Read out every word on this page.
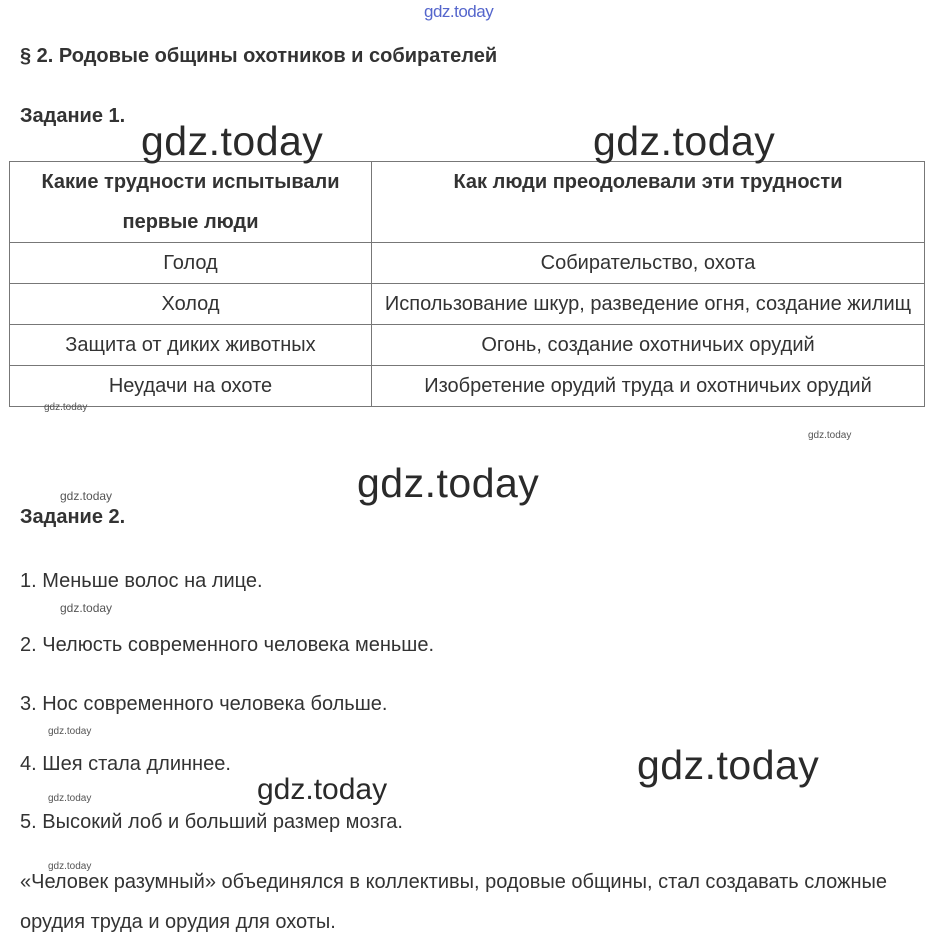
gdz.today
§ 2. Родовые общины охотников и собирателей
Задание 1.
Какие трудности испытывали первые люди	Как люди преодолевали эти трудности
Голод	Собирательство, охота
Холод	Использование шкур, разведение огня, создание жилищ
Защита от диких животных	Огонь, создание охотничьих орудий
Неудачи на охоте	Изобретение орудий труда и охотничьих орудий
gdz.today	gdz.today
gdz.today
gdz.today
gdz.today
gdz.today
Задание 2.
1. Меньше волос на лице.
gdz.today
2. Челюсть современного человека меньше.
3. Нос современного человека больше.
gdz.today
4. Шея стала длиннее.	gdz.today
gdz.today
gdz.today
5. Высокий лоб и больший размер мозга.
gdz.today
«Человек разумный» объединялся в коллективы, родовые общины, стал создавать сложные орудия труда и орудия для охоты.
